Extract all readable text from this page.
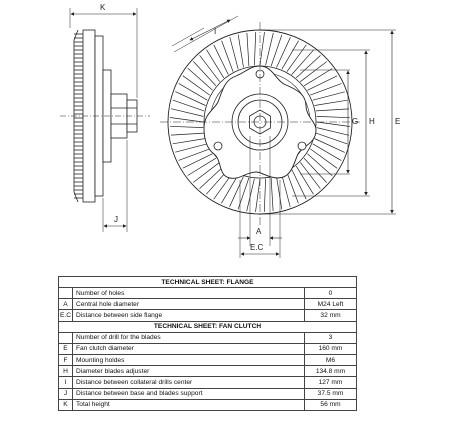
K
J
I
A
E.C
G H	E
TECHNICAL SHEET: FLANGE		
	Number of holes	0
A	Central hole diameter	M24 Left
E.C	Distance between side flange	32 mm
TECHNICAL SHEET: FAN CLUTCH		
	Number of drill for the blades	3
E	Fan clutch diameter	160 mm
F	Mounting holdes	M6
H	Diameter blades adjuster	134.8 mm
I	Distance between collateral drills center	127 mm
J	Distance between base and blades support	37.5 mm
K	Total height	56 mm
